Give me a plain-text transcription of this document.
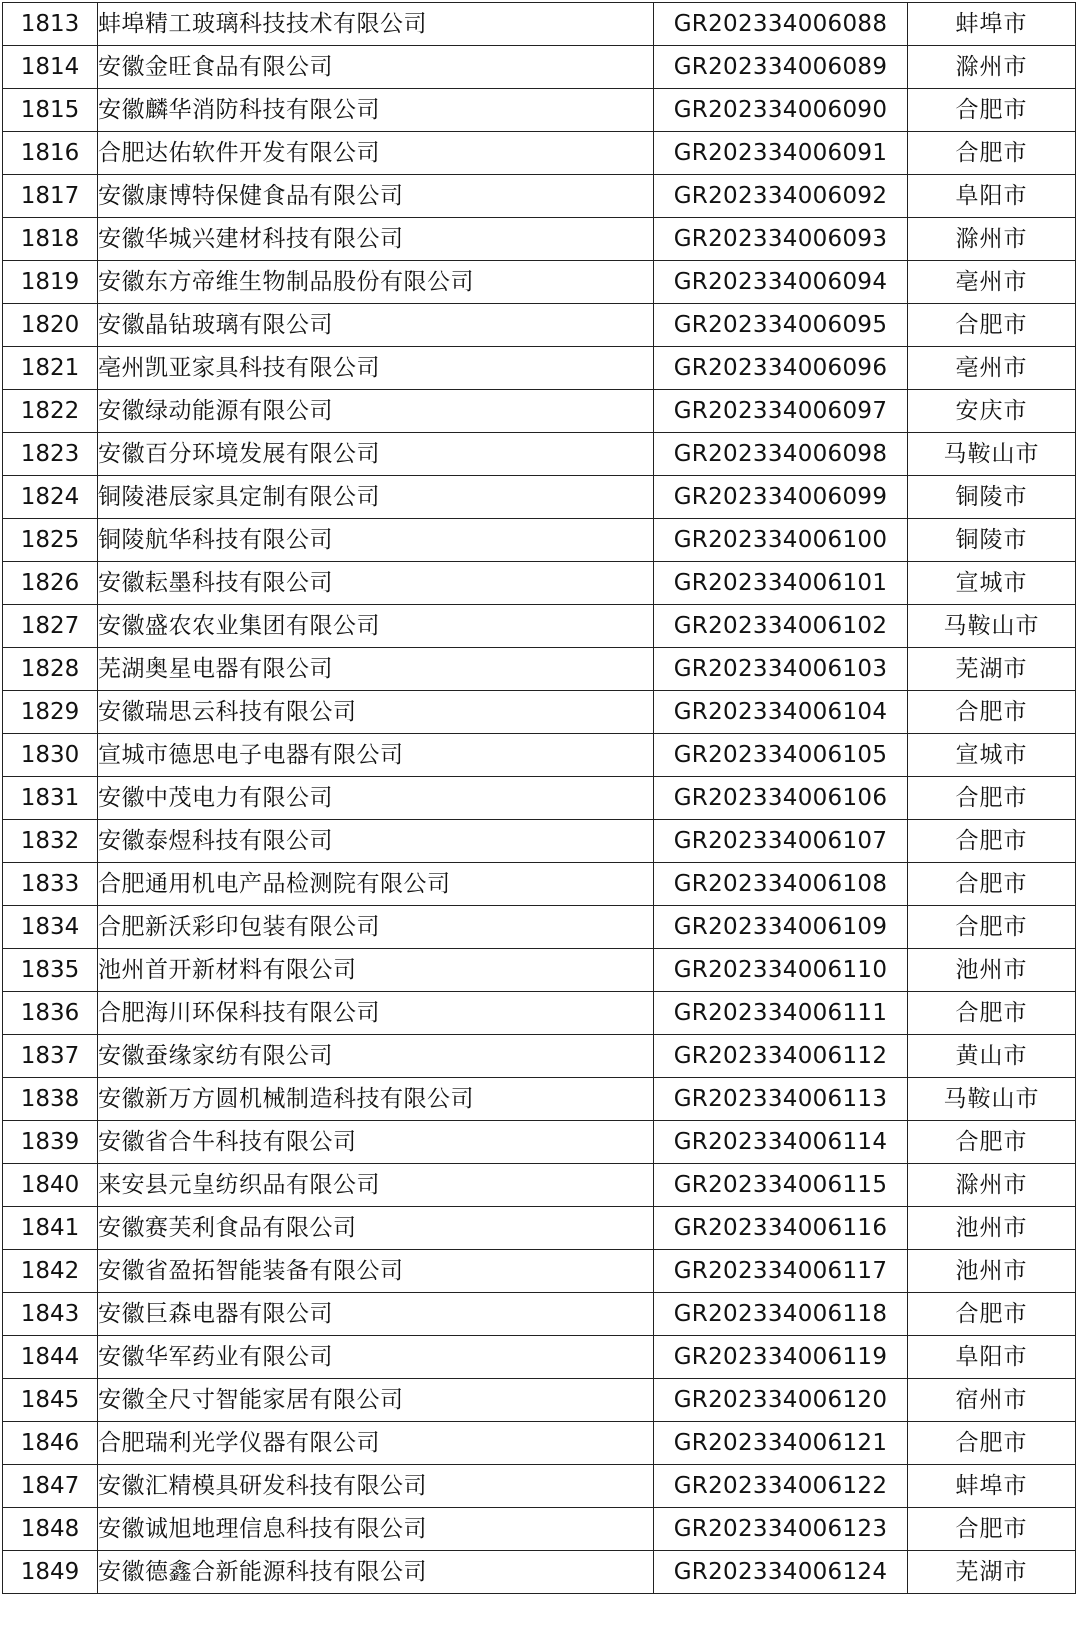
1813	蚌埠精工玻璃科技技术有限公司	GR202334006088	蚌埠市
1814	安徽金旺食品有限公司	GR202334006089	滁州市
1815	安徽麟华消防科技有限公司	GR202334006090	合肥市
1816	合肥达佑软件开发有限公司	GR202334006091	合肥市
1817	安徽康博特保健食品有限公司	GR202334006092	阜阳市
1818	安徽华城兴建材科技有限公司	GR202334006093	滁州市
1819	安徽东方帝维生物制品股份有限公司	GR202334006094	亳州市
1820	安徽晶钻玻璃有限公司	GR202334006095	合肥市
1821	亳州凯亚家具科技有限公司	GR202334006096	亳州市
1822	安徽绿动能源有限公司	GR202334006097	安庆市
1823	安徽百分环境发展有限公司	GR202334006098	马鞍山市
1824	铜陵港辰家具定制有限公司	GR202334006099	铜陵市
1825	铜陵航华科技有限公司	GR202334006100	铜陵市
1826	安徽耘墨科技有限公司	GR202334006101	宣城市
1827	安徽盛农农业集团有限公司	GR202334006102	马鞍山市
1828	芜湖奥星电器有限公司	GR202334006103	芜湖市
1829	安徽瑞思云科技有限公司	GR202334006104	合肥市
1830	宣城市德思电子电器有限公司	GR202334006105	宣城市
1831	安徽中茂电力有限公司	GR202334006106	合肥市
1832	安徽泰煜科技有限公司	GR202334006107	合肥市
1833	合肥通用机电产品检测院有限公司	GR202334006108	合肥市
1834	合肥新沃彩印包装有限公司	GR202334006109	合肥市
1835	池州首开新材料有限公司	GR202334006110	池州市
1836	合肥海川环保科技有限公司	GR202334006111	合肥市
1837	安徽蚕缘家纺有限公司	GR202334006112	黄山市
1838	安徽新万方圆机械制造科技有限公司	GR202334006113	马鞍山市
1839	安徽省合牛科技有限公司	GR202334006114	合肥市
1840	来安县元皇纺织品有限公司	GR202334006115	滁州市
1841	安徽赛芙利食品有限公司	GR202334006116	池州市
1842	安徽省盈拓智能装备有限公司	GR202334006117	池州市
1843	安徽巨森电器有限公司	GR202334006118	合肥市
1844	安徽华军药业有限公司	GR202334006119	阜阳市
1845	安徽全尺寸智能家居有限公司	GR202334006120	宿州市
1846	合肥瑞利光学仪器有限公司	GR202334006121	合肥市
1847	安徽汇精模具研发科技有限公司	GR202334006122	蚌埠市
1848	安徽诚旭地理信息科技有限公司	GR202334006123	合肥市
1849	安徽德鑫合新能源科技有限公司	GR202334006124	芜湖市
